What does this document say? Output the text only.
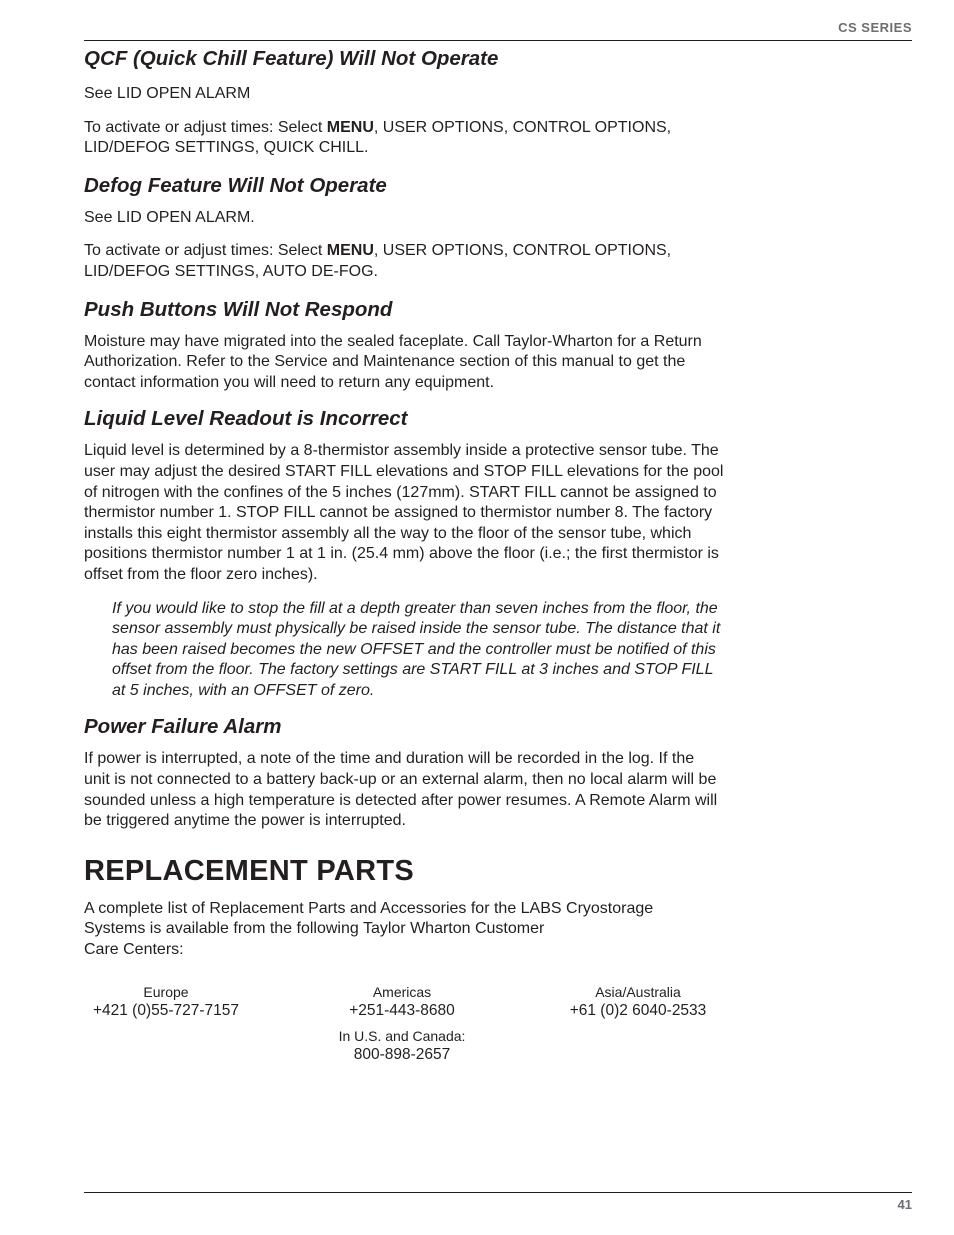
CS SERIES
QCF (Quick Chill Feature) Will Not Operate

See LID OPEN ALARM

To activate or adjust times: Select MENU, USER OPTIONS, CONTROL OPTIONS, LID/DEFOG SETTINGS, QUICK CHILL.

Defog Feature Will Not Operate

See LID OPEN ALARM.

To activate or adjust times: Select MENU, USER OPTIONS, CONTROL OPTIONS, LID/DEFOG SETTINGS, AUTO DE-FOG.

Push Buttons Will Not Respond

Moisture may have migrated into the sealed faceplate. Call Taylor-Wharton for a Return Authorization. Refer to the Service and Maintenance section of this manual to get the contact information you will need to return any equipment.

Liquid Level Readout is Incorrect

Liquid level is determined by a 8-thermistor assembly inside a protective sensor tube. The user may adjust the desired START FILL elevations and STOP FILL elevations for the pool of nitrogen with the confines of the 5 inches (127mm). START FILL cannot be assigned to thermistor number 1. STOP FILL cannot be assigned to thermistor number 8. The factory installs this eight thermistor assembly all the way to the floor of the sensor tube, which positions thermistor number 1 at 1 in. (25.4 mm) above the floor (i.e.; the first thermistor is offset from the floor zero inches).

If you would like to stop the fill at a depth greater than seven inches from the floor, the sensor assembly must physically be raised inside the sensor tube. The distance that it has been raised becomes the new OFFSET and the controller must be notified of this offset from the floor. The factory settings are START FILL at 3 inches and STOP FILL at 5 inches, with an OFFSET of zero.

Power Failure Alarm

If power is interrupted, a note of the time and duration will be recorded in the log. If the unit is not connected to a battery back-up or an external alarm, then no local alarm will be sounded unless a high temperature is detected after power resumes. A Remote Alarm will be triggered anytime the power is interrupted.

REPLACEMENT PARTS

A complete list of Replacement Parts and Accessories for the LABS Cryostorage
Systems is available from the following Taylor Wharton Customer
Care Centers:

Europe
+421 (0)55-727-7157
Americas
+251-443-8680
In U.S. and Canada:
800-898-2657
Asia/Australia
+61 (0)2 6040-2533
41
